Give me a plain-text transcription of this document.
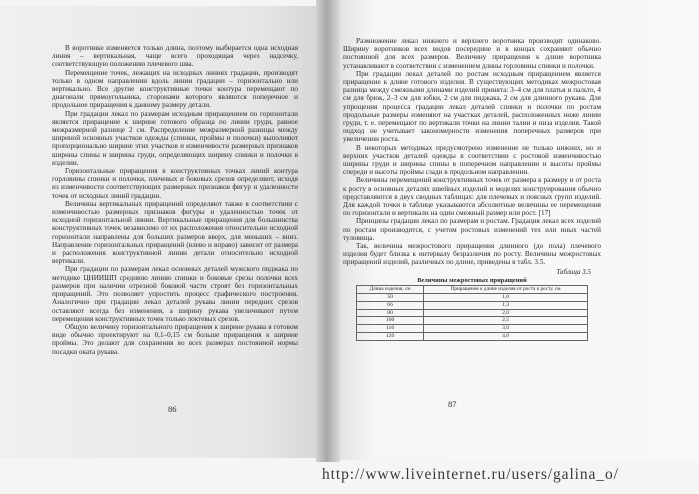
В воротнике изменяется только длина, поэтому выбирается одна исходная линия – вертикальная, чаще всего проходящая через надсечку, соответствующую положению плечевого шва.

Перемещение точек, лежащих на исходных линиях градации, производят только в одном направлении вдоль линии градации – горизонтально или вертикально. Все другие конструктивные точки контура перемещают по диагонали прямоугольника, сторонами которого являются поперечное и продольное приращения к данному размеру детали.

При градации лекал по размерам исходным приращением по горизонтали является приращение к ширине готового образца по линии груди, равное межразмерной разнице 2 см. Распределение межразмерной разницы между шириной основных участков одежды (спинки, проймы и полочки) выполняют пропорционально ширине этих участков и изменчивости размерных признаков ширины спины и ширины груди, определяющих ширину спинки и полочки в изделии.

Горизонтальные приращения в конструктивных точках линий контура горловины спинки и полочки, плечевых и боковых срезов определяют, исходя из изменчивости соответствующих размерных признаков фигур и удаленности точек от исходных линий градации.

Величины вертикальных приращений определяют также в соответствии с изменчивостью размерных признаков фигуры и удаленностью точек от исходной горизонтальной линии. Вертикальные приращения для большинства конструктивных точек независимо от их расположения относительно исходной горизонтали направлены для больших размеров вверх, для меньших – вниз. Направление горизонтальных приращений (влево и вправо) зависит от размера и расположения конструктивной линии детали относительно исходной вертикали.

При градации по размерам лекал основных деталей мужского пиджака по методике ЦНИИШП среднюю линию спинки и боковые срезы полочки всех размеров при наличии отрезной боковой части строят без горизонтальных приращений. Это позволяет упростить процесс графического построения. Аналогично при градации лекал деталей рукава линии передних срезов оставляют всегда без изменения, а ширину рукава увеличивают путем перемещения конструктивных точек только локтевых срезов.

Общую величину горизонтального приращения к ширине рукава в готовом виде обычно проектируют на 0,1–0,15 см больше приращения к ширине проймы. Это делают для сохранения во всех размерах постоянной нормы посадки оката рукава.

86

Размножение лекал нижнего и верхнего воротника производят одинаково. Ширину воротников всех видов посередине и в концах сохраняют обычно постоянной для всех размеров. Величину приращения к длине воротника устанавливают в соответствии с изменением длины горловины спинки и полочки.

При градации лекал деталей по ростам исходным приращением является приращение к длине готового изделия. В существующих методиках межростовая разница между смежными длинами изделий принята: 3–4 см для платья и пальто, 4 см для брюк, 2–3 см для юбки, 2 см для пиджака, 2 см для длинного рукава. Для упрощения процесса градации лекал деталей спинки и полочки по ростам продольные размеры изменяют на участках деталей, расположенных ниже линии груди, т. е. перемещают по вертикали точки на линии талии и низа изделия. Такой подход не учитывает закономерности изменения поперечных размеров при увеличении роста.

В некоторых методиках предусмотрено изменение не только нижних, но и верхних участков деталей одежды в соответствии с ростовой изменчивостью ширины груди и ширины спины в поперечном направлении и высоты проймы спереди и высоты проймы сзади в продольном направлении.

Величины перемещений конструктивных точек от размера к размеру и от роста к росту в основных деталях швейных изделий и моделях конструирования обычно представляются в двух сводных таблицах: для плечевых и поясных групп изделий. Для каждой точки в таблице указываются абсолютные величины ее перемещения по горизонтали и вертикали на один смежный размер или рост. [17]

Принципы градации лекал по размерам и ростам. Градация лекал всех изделий по ростам производится, с учетом ростовых изменений тех или иных частей туловища.

Так, величина межростового приращения длинного (до пола) плечевого изделия будет близка к интервалу безразличия по росту. Величины межростовых приращений изделий, различных по длине, приведены в табл. 3.5.

Таблица 3.5
Величины межростовых приращений
Длина изделия, см	Приращение к длине изделия от роста к росту, см
50	1,0
66	1,3
80	2,0
100	2,5
116	3,0
120	4,0
87
http://www.liveinternet.ru/users/galina_o/
